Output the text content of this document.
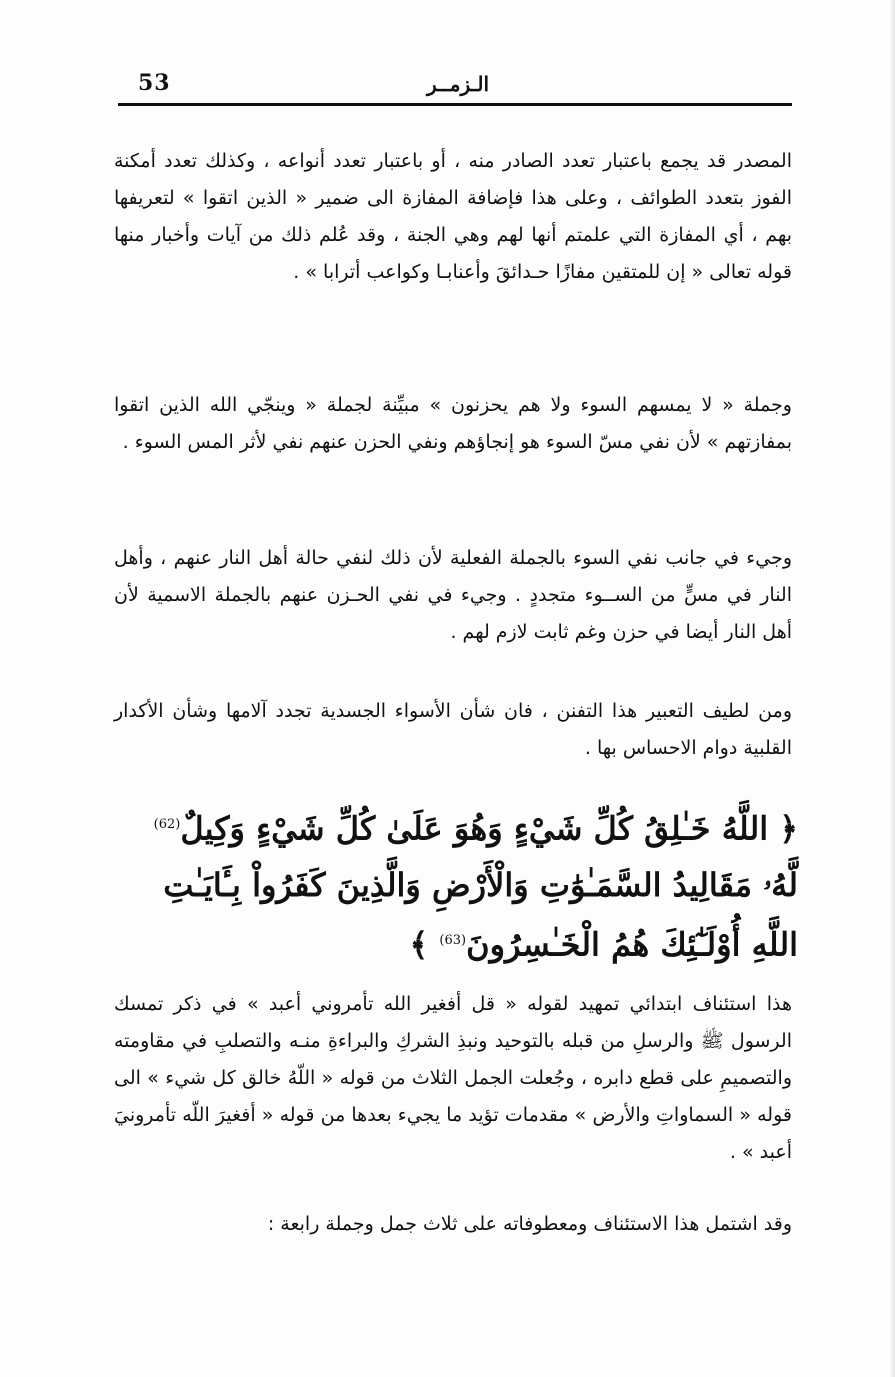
53	الـزمــر

المصدر قد يجمع باعتبار تعدد الصادر منه ، أو باعتبار تعدد أنواعه ، وكذلك تعدد أمكنة الفوز بتعدد الطوائف ، وعلى هذا فإضافة المفازة الى ضمير « الذين اتقوا » لتعريفها بهم ، أي المفازة التي علمتم أنها لهم وهي الجنة ، وقد عُلم ذلك من آيات وأخبار منها قوله تعالى « إن للمتقين مفازًا حـدائقَ وأعنابـا وكواعب أترابا » .

وجملة « لا يمسهم السوء ولا هم يحزنون » مبيِّنة لجملة « وينجّي الله الذين اتقوا بمفازتهم » لأن نفي مسّ السوء هو إنجاؤهم ونفي الحزن عنهم نفي لأثر المس السوء .

وجيء في جانب نفي السوء بالجملة الفعلية لأن ذلك لنفي حالة أهل النار عنهم ، وأهل النار في مسٍّ من الســوء متجددٍ . وجيء في نفي الحـزن عنهم بالجملة الاسمية لأن أهل النار أيضا في حزن وغم ثابت لازم لهم .

ومن لطيف التعبير هذا التفنن ، فان شأن الأسواء الجسدية تجدد آلامها وشأن الأكدار القلبية دوام الاحساس بها .

﴿ اللَّهُ خَـٰلِقُ كُلِّ شَيْءٍ وَهُوَ عَلَىٰ كُلِّ شَيْءٍ وَكِيلٌ$^{(62)}$ لَّهُۥ مَقَالِيدُ السَّمَـٰوَٰتِ وَالْأَرْضِ وَالَّذِينَ كَفَرُواْ بِـَٔايَـٰتِ اللَّهِ أُوْلَـٰٓئِكَ هُمُ الْخَـٰسِرُونَ$^{(63)}$ ﴾

هذا استئناف ابتدائي تمهيد لقوله « قل أفغير الله تأمروني أعبد » في ذكر تمسك الرسول ﷺ والرسلِ من قبله بالتوحيد ونبذِ الشركِ والبراءةِ منـه والتصلبِ في مقاومته والتصميمِ على قطع دابره ، وجُعلت الجمل الثلاث من قوله « اللّهُ خالق كل شيء » الى قوله « السماواتِ والأرض » مقدمات تؤيد ما يجيء بعدها من قوله « أفغيرَ اللّه تأمرونيَ أعبد » .

وقد اشتمل هذا الاستئناف ومعطوفاته على ثلاث جمل وجملة رابعة :
